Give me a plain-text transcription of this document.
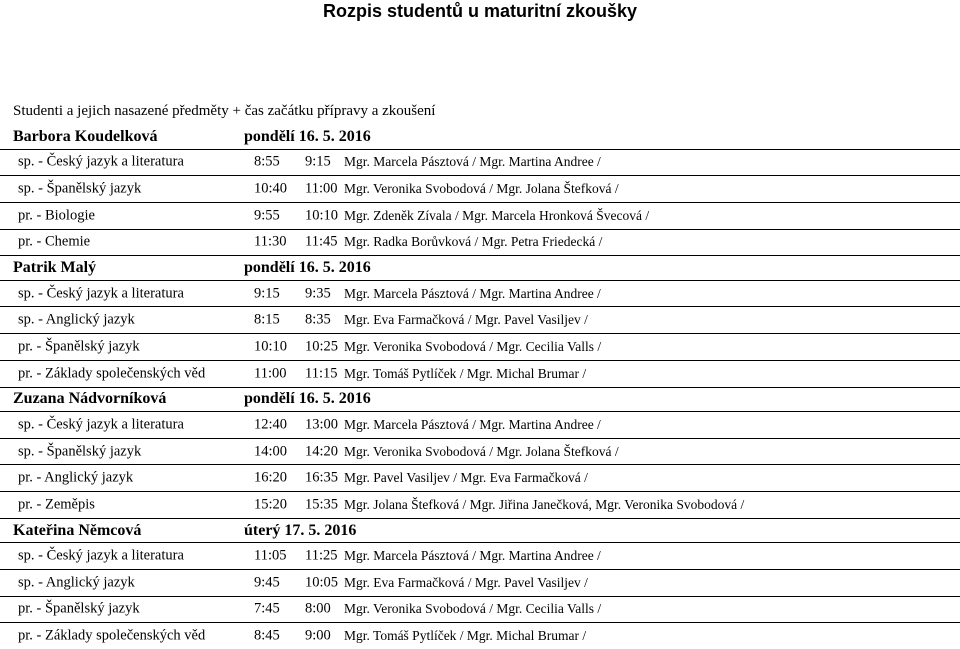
Rozpis studentů u maturitní zkoušky
Studenti a jejich nasazené předměty + čas začátku přípravy a zkoušení
Barbora Koudelková	pondělí 16. 5. 2016
sp. - Český jazyk a literatura	8:55 9:15 Mgr. Marcela Pásztová / Mgr. Martina Andree /
sp. - Španělský jazyk	10:40 11:00 Mgr. Veronika Svobodová / Mgr. Jolana Štefková /
pr. - Biologie	9:55 10:10 Mgr. Zdeněk Zívala / Mgr. Marcela Hronková Švecová /
pr. - Chemie	11:30 11:45 Mgr. Radka Borůvková / Mgr. Petra Friedecká /
Patrik Malý	pondělí 16. 5. 2016
sp. - Český jazyk a literatura	9:15 9:35 Mgr. Marcela Pásztová / Mgr. Martina Andree /
sp. - Anglický jazyk	8:15 8:35 Mgr. Eva Farmačková / Mgr. Pavel Vasiljev /
pr. - Španělský jazyk	10:10 10:25 Mgr. Veronika Svobodová / Mgr. Cecilia Valls /
pr. - Základy společenských věd	11:00 11:15 Mgr. Tomáš Pytlíček / Mgr. Michal Brumar /
Zuzana Nádvorníková	pondělí 16. 5. 2016
sp. - Český jazyk a literatura	12:40 13:00 Mgr. Marcela Pásztová / Mgr. Martina Andree /
sp. - Španělský jazyk	14:00 14:20 Mgr. Veronika Svobodová / Mgr. Jolana Štefková /
pr. - Anglický jazyk	16:20 16:35 Mgr. Pavel Vasiljev / Mgr. Eva Farmačková /
pr. - Zeměpis	15:20 15:35 Mgr. Jolana Štefková / Mgr. Jiřina Janečková, Mgr. Veronika Svobodová /
Kateřina Němcová	úterý 17. 5. 2016
sp. - Český jazyk a literatura	11:05 11:25 Mgr. Marcela Pásztová / Mgr. Martina Andree /
sp. - Anglický jazyk	9:45 10:05 Mgr. Eva Farmačková / Mgr. Pavel Vasiljev /
pr. - Španělský jazyk	7:45 8:00 Mgr. Veronika Svobodová / Mgr. Cecilia Valls /
pr. - Základy společenských věd	8:45 9:00 Mgr. Tomáš Pytlíček / Mgr. Michal Brumar /
